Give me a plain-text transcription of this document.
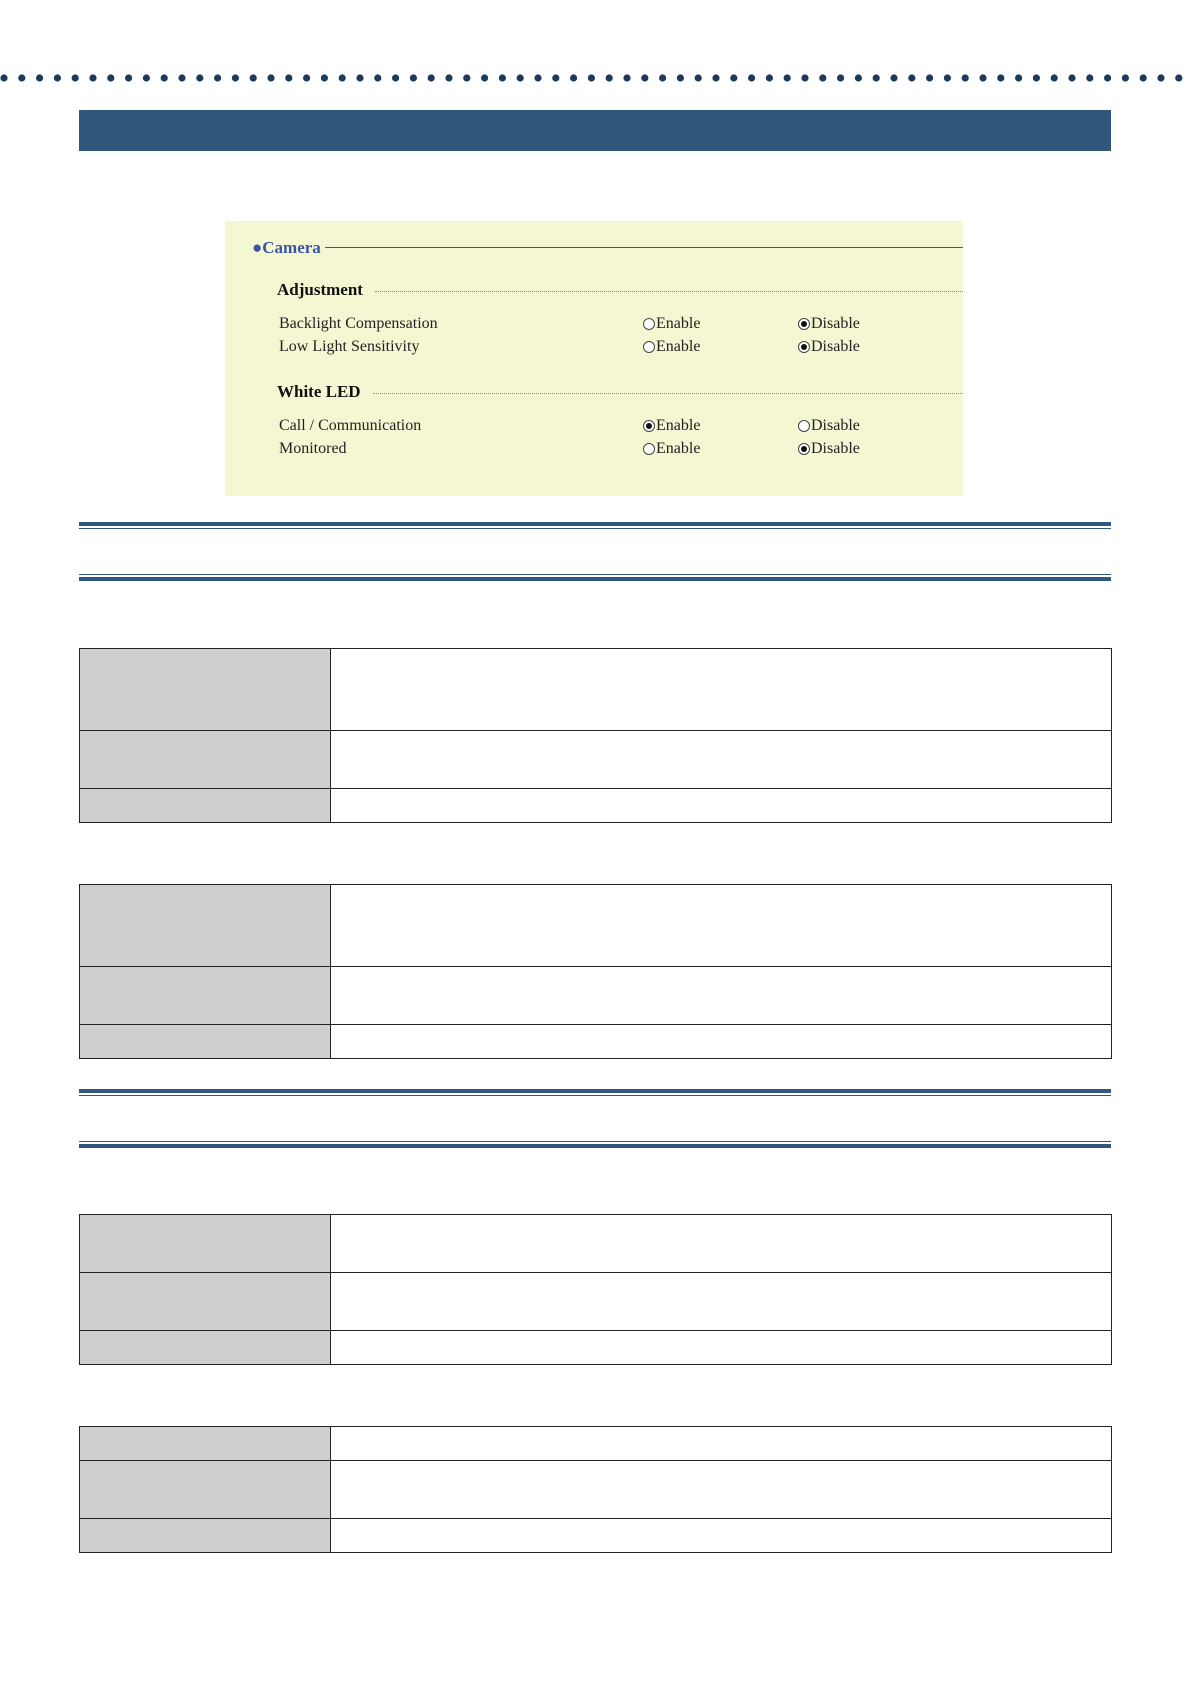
●Camera
Adjustment
Backlight Compensation	Enable	Disable
Low Light Sensitivity	Enable	Disable
White LED
Call / Communication	Enable	Disable
Monitored	Enable	Disable
